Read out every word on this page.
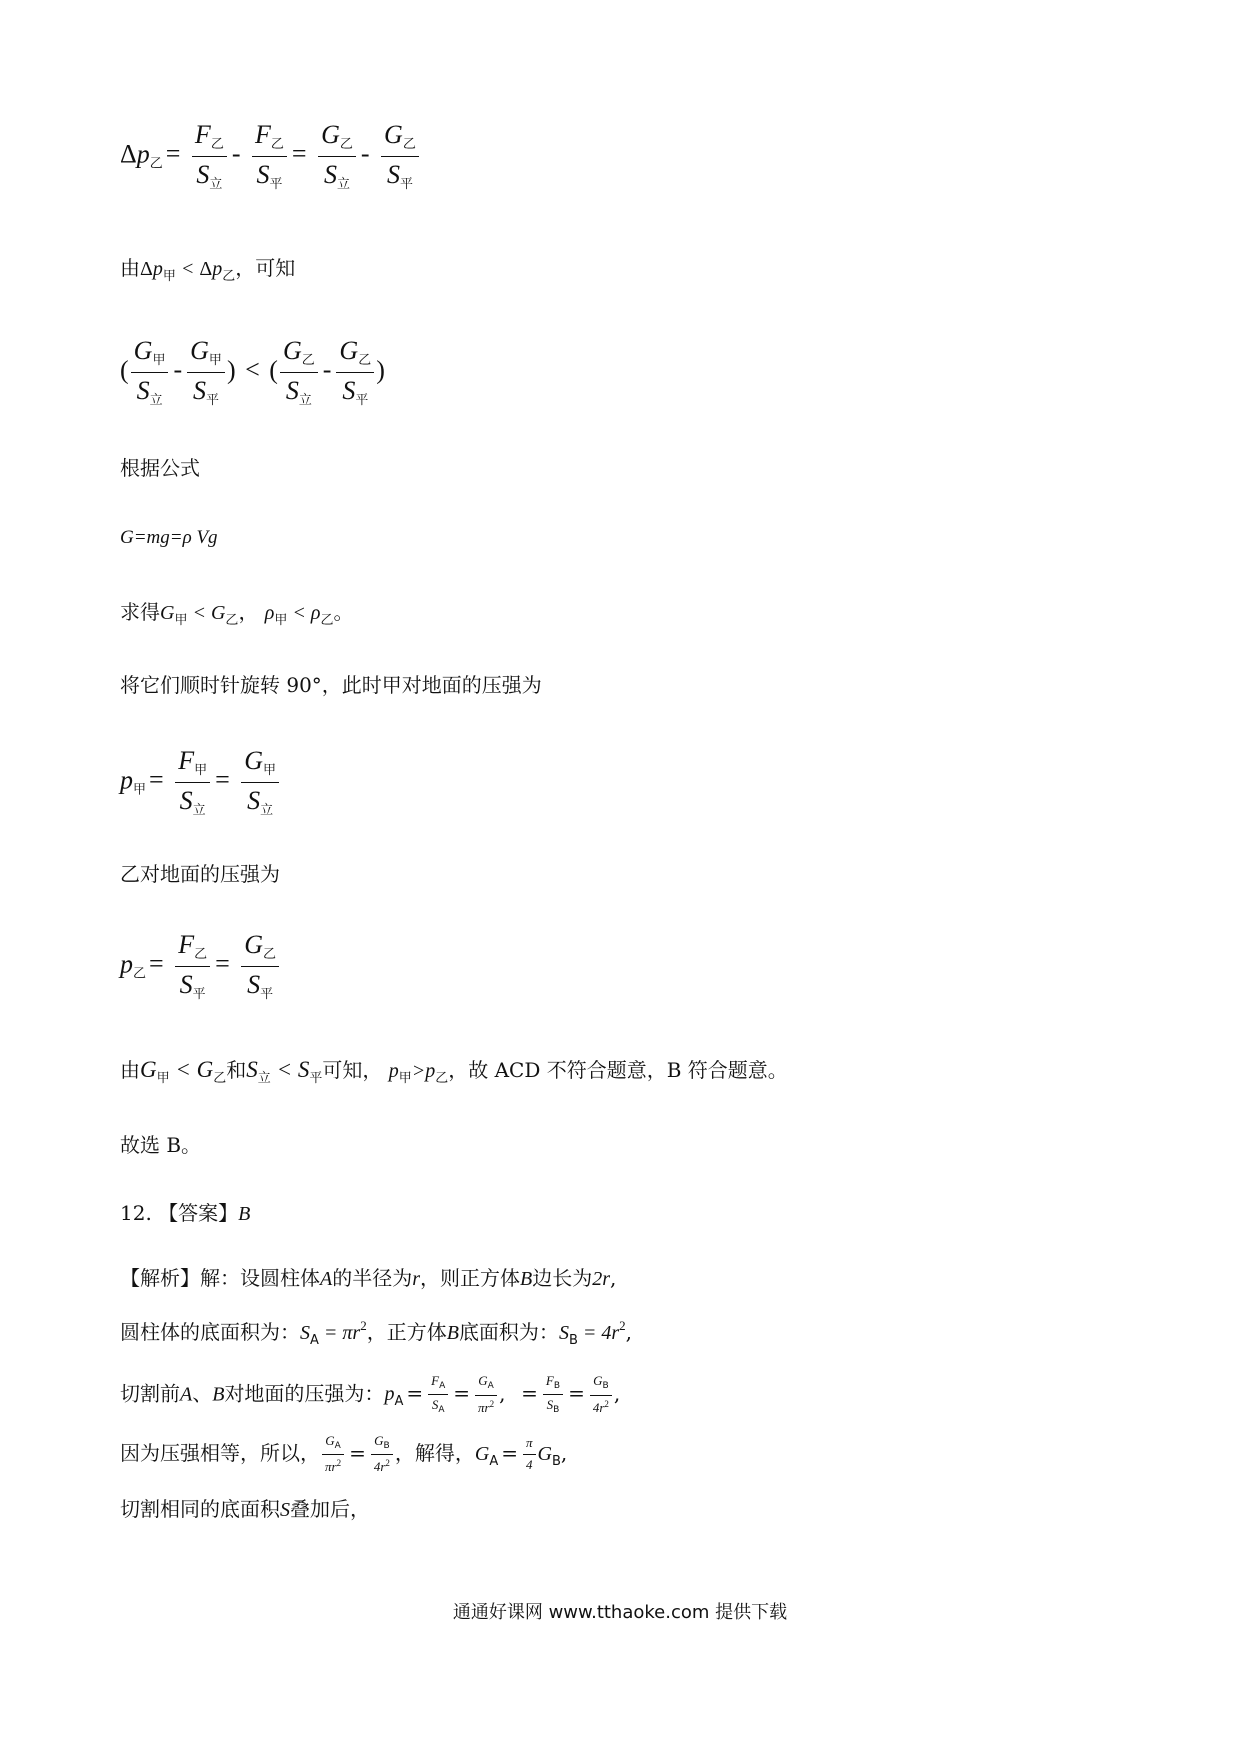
$\Delta p_乙 = \frac{F_乙}{S_立} - \frac{F_乙}{S_平} = \frac{G_乙}{S_立} - \frac{G_乙}{S_平}$
由$\Delta p_甲 < \Delta p_乙$，可知
( $\frac{G_甲}{S_立} - \frac{G_甲}{S_平}$ ) < ( $\frac{G_乙}{S_立} - \frac{G_乙}{S_平}$ )
根据公式
G=mg=ρ Vg
求得$G_甲 < G_乙$， $\rho_甲 < \rho_乙$。
将它们顺时针旋转 90°，此时甲对地面的压强为
$p_甲 = \frac{F_甲}{S_立} = \frac{G_甲}{S_立}$
乙对地面的压强为
$p_乙 = \frac{F_乙}{S_平} = \frac{G_乙}{S_平}$
由$G_甲 < G_乙$和$S_立 < S_平$可知， $p_甲>p_乙$，故 ACD 不符合题意，B 符合题意。
故选 B。
12. 【答案】B
【解析】解：设圆柱体A的半径为r，则正方体B边长为2r,
圆柱体的底面积为：$S_A = \pi r^2$，正方体B底面积为：$S_B = 4r^2$,
切割前A、B对地面的压强为：$p_A = \frac{F_A}{S_A} = \frac{G_A}{\pi r^2}$ ,  = $\frac{F_B}{S_B} = \frac{G_B}{4r^2}$ ,
因为压强相等，所以， $\frac{G_A}{\pi r^2} = \frac{G_B}{4r^2}$ ，解得，$G_A = \frac{\pi}{4} G_B$,
切割相同的底面积S叠加后，
通通好课网 www.tthaoke.com 提供下载
